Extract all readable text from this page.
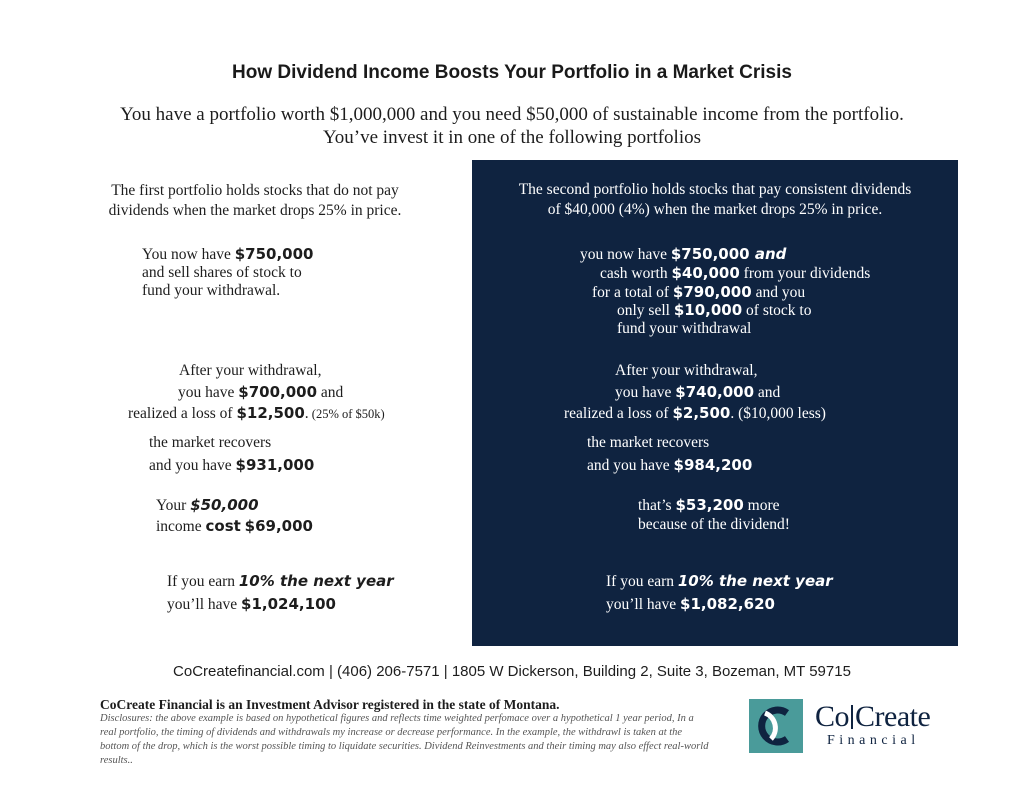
How Dividend Income Boosts Your Portfolio in a Market Crisis
You have a portfolio worth $1,000,000 and you need $50,000 of sustainable income from the portfolio.
You’ve invest it in one of the following portfolios
The first portfolio holds stocks that do not pay
dividends when the market drops 25% in price.
You now have $750,000
and sell shares of stock to
fund your withdrawal.
After your withdrawal,
you have $700,000 and
realized a loss of $12,500. (25% of $50k)
the market recovers
and you have $931,000
Your $50,000
income cost $69,000
If you earn 10% the next year
you’ll have $1,024,100
The second portfolio holds stocks that pay consistent dividends
of $40,000 (4%) when the market drops 25% in price.
you now have $750,000 and
cash worth $40,000 from your dividends
for a total of $790,000 and you
only sell $10,000 of stock to
fund your withdrawal
After your withdrawal,
you have $740,000 and
realized a loss of $2,500. ($10,000 less)
the market recovers
and you have $984,200
that’s $53,200 more
because of the dividend!
If you earn 10% the next year
you’ll have $1,082,620
CoCreatefinancial.com | (406) 206-7571 | 1805 W Dickerson, Building 2, Suite 3, Bozeman, MT 59715
CoCreate Financial is an Investment Advisor registered in the state of Montana.
Disclosures: the above example is based on hypothetical figures and reflects time weighted perfomace over a hypothetical 1 year period, In a real portfolio, the timing of dividends and withdrawals my increase or decrease performance. In the example, the withdrawl is taken at the bottom of the drop, which is the worst possible timing to liquidate securities. Dividend Reinvestments and their timing may also effect real-world results..
Co Create
Financial
